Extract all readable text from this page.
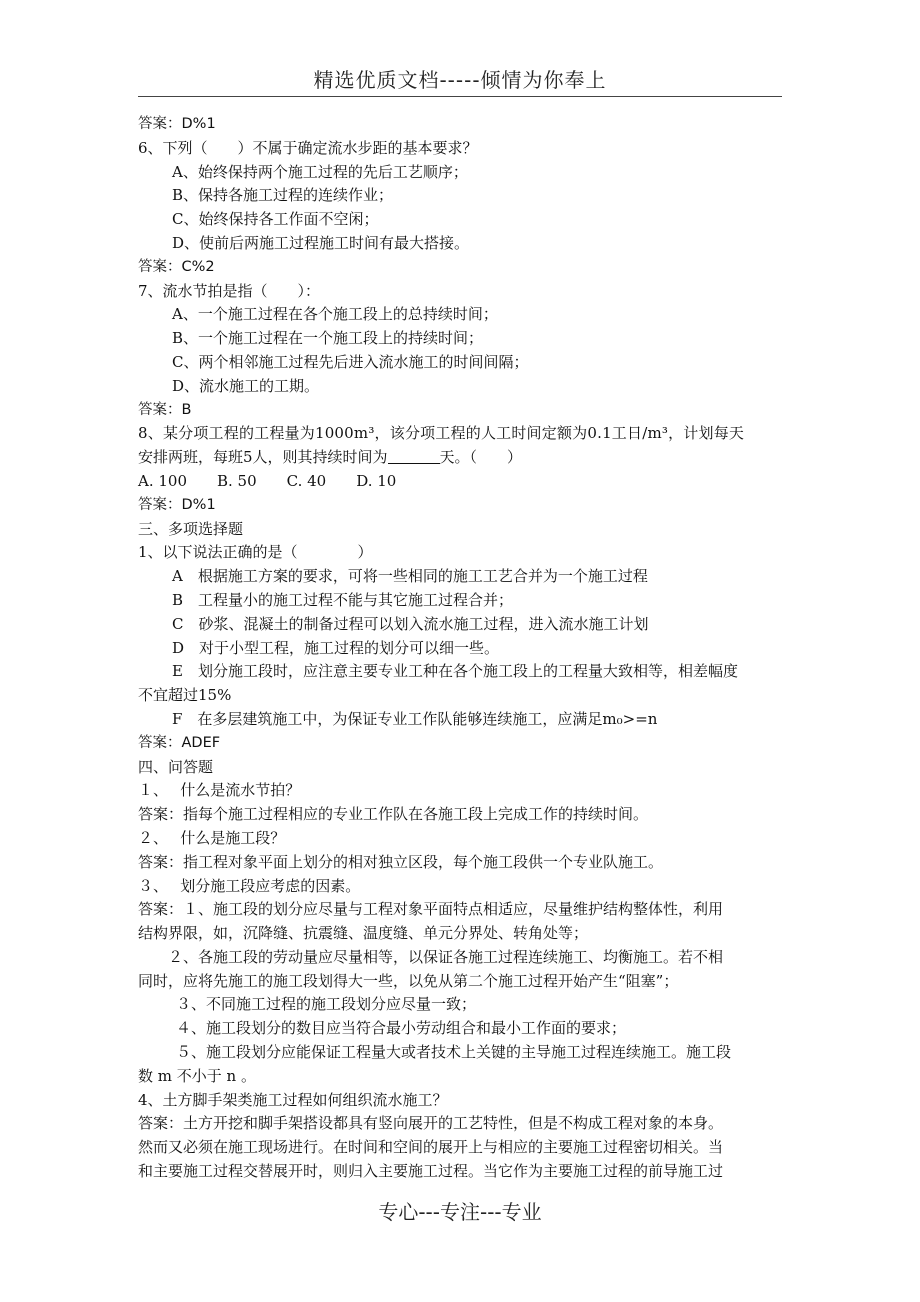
精选优质文档-----倾情为你奉上
答案：D%1
6、下列（　　）不属于确定流水步距的基本要求？
A、始终保持两个施工过程的先后工艺顺序；
B、保持各施工过程的连续作业；
C、始终保持各工作面不空闲；
D、使前后两施工过程施工时间有最大搭接。
答案：C%2
7、流水节拍是指（　　）：
A、一个施工过程在各个施工段上的总持续时间；
B、一个施工过程在一个施工段上的持续时间；
C、两个相邻施工过程先后进入流水施工的时间间隔；
D、流水施工的工期。
答案：B
8、某分项工程的工程量为1000m³，该分项工程的人工时间定额为0.1工日/m³，计划每天
安排两班，每班5人，则其持续时间为	天。（　　）
A. 100　　B. 50　　C. 40　　D. 10
答案：D%1
三、多项选择题
1、以下说法正确的是（　　　　）
A　根据施工方案的要求，可将一些相同的施工工艺合并为一个施工过程
B　工程量小的施工过程不能与其它施工过程合并；
C　砂浆、混凝土的制备过程可以划入流水施工过程，进入流水施工计划
D　对于小型工程，施工过程的划分可以细一些。
E　划分施工段时，应注意主要专业工种在各个施工段上的工程量大致相等，相差幅度
不宜超过15%
F　在多层建筑施工中，为保证专业工作队能够连续施工，应满足m₀>=n
答案：ADEF
四、问答题
１、　 什么是流水节拍？
答案：指每个施工过程相应的专业工作队在各施工段上完成工作的持续时间。
２、　 什么是施工段？
答案：指工程对象平面上划分的相对独立区段，每个施工段供一个专业队施工。
３、　 划分施工段应考虑的因素。
答案：１、施工段的划分应尽量与工程对象平面特点相适应，尽量维护结构整体性，利用
结构界限，如，沉降缝、抗震缝、温度缝、单元分界处、转角处等；
２、各施工段的劳动量应尽量相等，以保证各施工过程连续施工、均衡施工。若不相
同时，应将先施工的施工段划得大一些，以免从第二个施工过程开始产生“阻塞”；
３、不同施工过程的施工段划分应尽量一致；
４、施工段划分的数目应当符合最小劳动组合和最小工作面的要求；
５、施工段划分应能保证工程量大或者技术上关键的主导施工过程连续施工。施工段
数 m 不小于 n 。
4、土方脚手架类施工过程如何组织流水施工？
答案：土方开挖和脚手架搭设都具有竖向展开的工艺特性，但是不构成工程对象的本身。
然而又必须在施工现场进行。在时间和空间的展开上与相应的主要施工过程密切相关。当
和主要施工过程交替展开时，则归入主要施工过程。当它作为主要施工过程的前导施工过
专心---专注---专业
